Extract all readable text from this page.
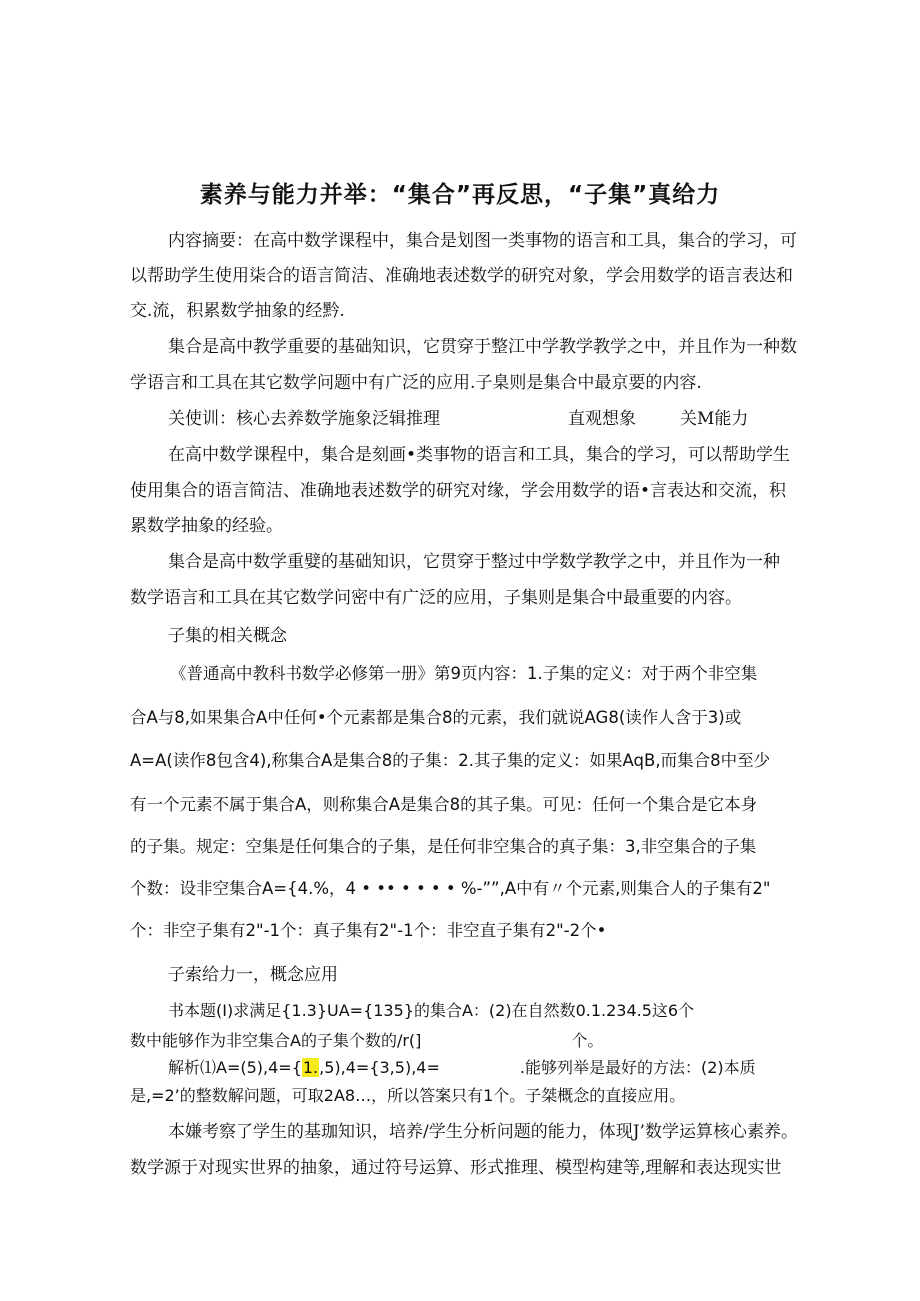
素养与能力并举：“集合”再反思，“子集”真给力
内容摘要：在高中数学课程中，集合是划图一类事物的语言和工具，集合的学习，可
以帮助学生使用柒合的语言简洁、准确地表述数学的研究对象，学会用数学的语言表达和
交.流，积累数学抽象的经黔.
集合是高中教学重要的基础知识，它贯穿于整江中学教学教学之中，并且作为一种数
学语言和工具在其它数学问题中有广泛的应用.子臬则是集合中最京要的内容.
关使训：核心去养数学施象泛辑推理	直观想象	关M能力
在高中数学课程中，集合是刻画•类事物的语言和工具，集合的学习，可以帮助学生
使用集合的语言简洁、准确地表述数学的研究对缘，学会用数学的语•言表达和交流，积
累数学抽象的经验。
集合是高中数学重嬖的基础知识，它贯穿于整过中学数学教学之中，并且作为一种
数学语言和工具在其它数学问密中有广泛的应用，子集则是集合中最重要的内容。
子集的相关概念
《普通高中教科书数学必修第一册》第9页内容：1.子集的定义：对于两个非空集
合A与8,如果集合A中任何•个元素都是集合8的元素，我们就说AG8(读作人含于3)或
A=A(读作8包含4),称集合A是集合8的子集：2.其子集的定义：如果AqB,而集合8中至少
有一个元素不属于集合A，则称集合A是集合8的其子集。可见：任何一个集合是它本身
的子集。规定：空集是任何集合的子集，是任何非空集合的真子集：3,非空集合的子集
个数：设非空集合A={4.%，4 • •• • • • • %-””,A中有〃个元素,则集合人的子集有2"
个：非空子集有2"-1个：真子集有2"-1个：非空直子集有2"-2个•
子索给力一，概念应用
书本题(I)求满足{1.3}UA={135}的集合A：(2)在自然数0.1.234.5这6个
数中能够作为非空集合A的子集个数的/r(]	个。
解析⑴A=(5),4={1.,5),4={3,5),4=	.能够列举是最好的方法：(2)本质
是,=2’的整数解问题，可取2A8…，所以答案只有1个。子桀概念的直接应用。
本嫌考察了学生的基珈知识，培养/学生分析问题的能力，体现J’数学运算核心素养。
数学源于对现实世界的抽象，通过符号运算、形式推理、模型构建等,理解和表达现实世
